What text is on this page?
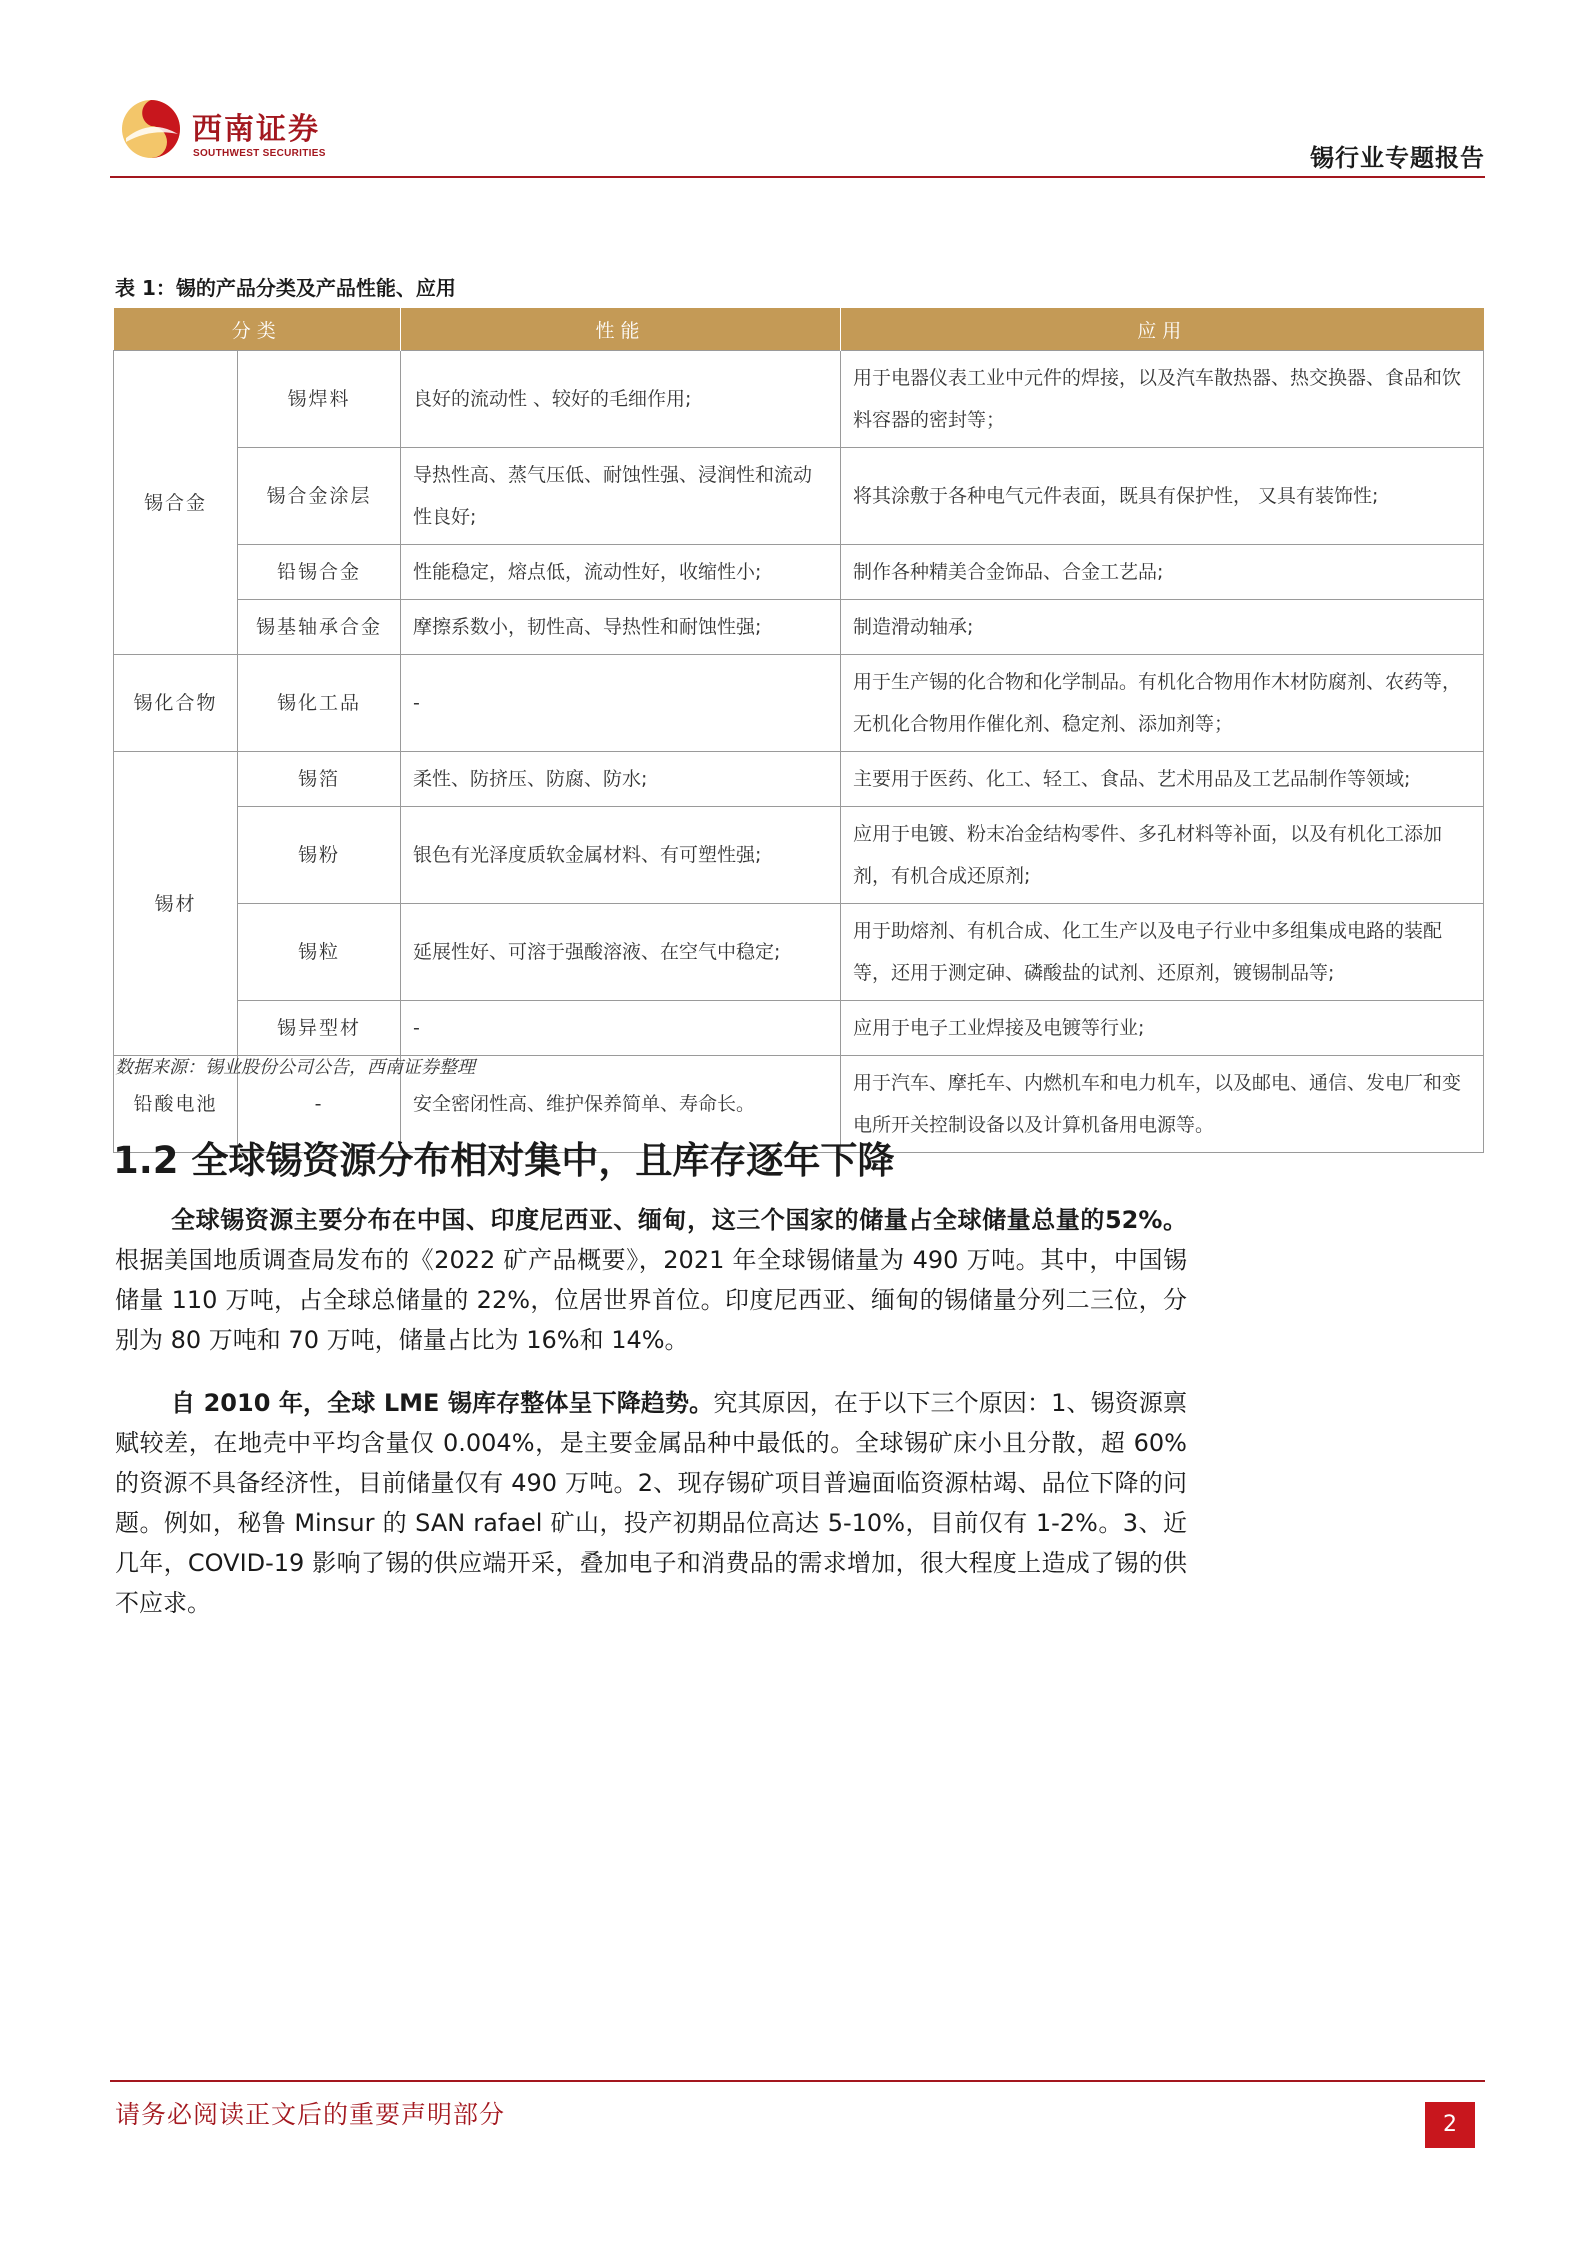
西南证券
SOUTHWEST SECURITIES	锡行业专题报告
表 1：锡的产品分类及产品性能、应用
分类		性能	应用
锡合金	锡焊料	良好的流动性 、较好的毛细作用;	用于电器仪表工业中元件的焊接，以及汽车散热器、热交换器、食品和饮料容器的密封等；
	锡合金涂层	导热性高、蒸气压低、耐蚀性强、浸润性和流动性良好;	将其涂敷于各种电气元件表面，既具有保护性， 又具有装饰性;
	铅锡合金	性能稳定，熔点低，流动性好，收缩性小;	制作各种精美合金饰品、合金工艺品;
	锡基轴承合金	摩擦系数小，韧性高、导热性和耐蚀性强;	制造滑动轴承;
锡化合物	锡化工品	-	用于生产锡的化合物和化学制品。有机化合物用作木材防腐剂、农药等，无机化合物用作催化剂、稳定剂、添加剂等；
锡材	锡箔	柔性、防挤压、防腐、防水;	主要用于医药、化工、轻工、食品、艺术用品及工艺品制作等领域;
	锡粉	银色有光泽度质软金属材料、有可塑性强;	应用于电镀、粉末冶金结构零件、多孔材料等补面，以及有机化工添加剂，有机合成还原剂;
	锡粒	延展性好、可溶于强酸溶液、在空气中稳定;	用于助熔剂、有机合成、化工生产以及电子行业中多组集成电路的装配等，还用于测定砷、磷酸盐的试剂、还原剂，镀锡制品等;
	锡异型材	-	应用于电子工业焊接及电镀等行业;
铅酸电池	-	安全密闭性高、维护保养简单、寿命长。	用于汽车、摩托车、内燃机车和电力机车，以及邮电、通信、发电厂和变电所开关控制设备以及计算机备用电源等。
数据来源：锡业股份公司公告，西南证券整理
1.2 全球锡资源分布相对集中，且库存逐年下降

全球锡资源主要分布在中国、印度尼西亚、缅甸，这三个国家的储量占全球储量总量的52%。根据美国地质调查局发布的《2022 矿产品概要》，2021 年全球锡储量为 490 万吨。其中，中国锡储量 110 万吨，占全球总储量的 22%，位居世界首位。印度尼西亚、缅甸的锡储量分列二三位，分别为 80 万吨和 70 万吨，储量占比为 16%和 14%。

自 2010 年，全球 LME 锡库存整体呈下降趋势。究其原因，在于以下三个原因：1、锡资源禀赋较差，在地壳中平均含量仅 0.004%，是主要金属品种中最低的。全球锡矿床小且分散，超 60%的资源不具备经济性，目前储量仅有 490 万吨。2、现存锡矿项目普遍面临资源枯竭、品位下降的问题。例如，秘鲁 Minsur 的 SAN rafael 矿山，投产初期品位高达 5-10%，目前仅有 1-2%。3、近几年，COVID-19 影响了锡的供应端开采，叠加电子和消费品的需求增加，很大程度上造成了锡的供不应求。

请务必阅读正文后的重要声明部分	2
